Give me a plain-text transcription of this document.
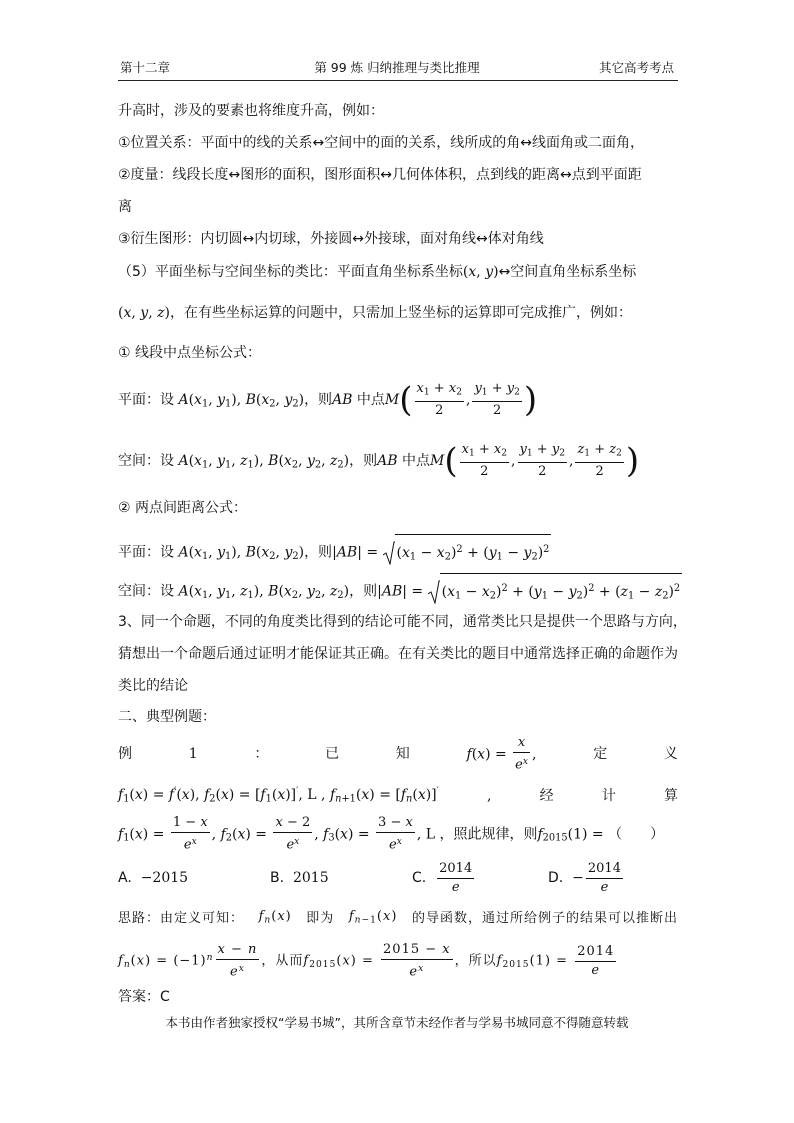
第十二章	第 99 炼 归纳推理与类比推理	其它高考考点
升高时，涉及的要素也将维度升高，例如：
①位置关系：平面中的线的关系↔空间中的面的关系，线所成的角↔线面角或二面角，
②度量：线段长度↔图形的面积，图形面积↔几何体体积，点到线的距离↔点到平面距
离
③衍生图形：内切圆↔内切球，外接圆↔外接球，面对角线↔体对角线
（5）平面坐标与空间坐标的类比：平面直角坐标系坐标(x, y)↔空间直角坐标系坐标
(x, y, z)，在有些坐标运算的问题中，只需加上竖坐标的运算即可完成推广，例如：
① 线段中点坐标公式：
平面：设 $A(x_1$, $y_1$), $B(x_2$, $y_2$)，则AB 中点$M( \frac{x_1 + x_2}{2}$ , $\frac{y_1 + y_2}{2}$ )
空间：设 $A(x_1$, $y_1$, $z_1$), $B(x_2$, $y_2$, $z_2$)，则AB 中点$M( \frac{x_1 + x_2}{2}$ , $\frac{y_1 + y_2}{2}$ , $\frac{z_1 + z_2}{2}$ )
② 两点间距离公式：
平面：设 $A(x_1$, $y_1$), $B(x_2$, $y_2$)，则$|AB| = (x_1 - x_2)^2 + (y_1 - y_2)^2$
空间：设 $A(x_1$, $y_1$, $z_1$), $B(x_2$, $y_2$, $z_2$)，则$|AB| = (x_1 - x_2)^2 + (y_1 - y_2)^2 + (z_1 - z_2)^2$
3、同一个命题，不同的角度类比得到的结论可能不同，通常类比只是提供一个思路与方向，
猜想出一个命题后通过证明才能保证其正确。在有关类比的题目中通常选择正确的命题作为
类比的结论
二、典型例题：
例	1	：	已	知	$f(x) = \frac{x}{e^x}$ ,	定	义
$f_1(x) = f'(x)$, $f_2(x) = [f_1(x)]'$, L , $f_{n+1}(x) = [f_n(x)]'$	,	经	计	算
$f_1(x) = \frac{1 - x}{e^x}$ , $f_2(x) = \frac{x - 2}{e^x}$ , $f_3(x) = \frac{3 - x}{e^x}$ , L ，照此规律，则$f_{2015}(1)$ = （　　）
A. −2015	B. 2015	C. $\frac{2014}{e}$	D. − $\frac{2014}{e}$
思路：由定义可知： $f_n(x)$ 即为 $f_{n-1}(x)$ 的导函数，通过所给例子的结果可以推断出
$f_n(x) = (-1)^n \frac{x - n}{e^x}$ ，从而$f_{2015}(x) = \frac{2015 - x}{e^x}$ ，所以$f_{2015}(1) = \frac{2014}{e}$
答案：C
本书由作者独家授权“学易书城”，其所含章节未经作者与学易书城同意不得随意转载
